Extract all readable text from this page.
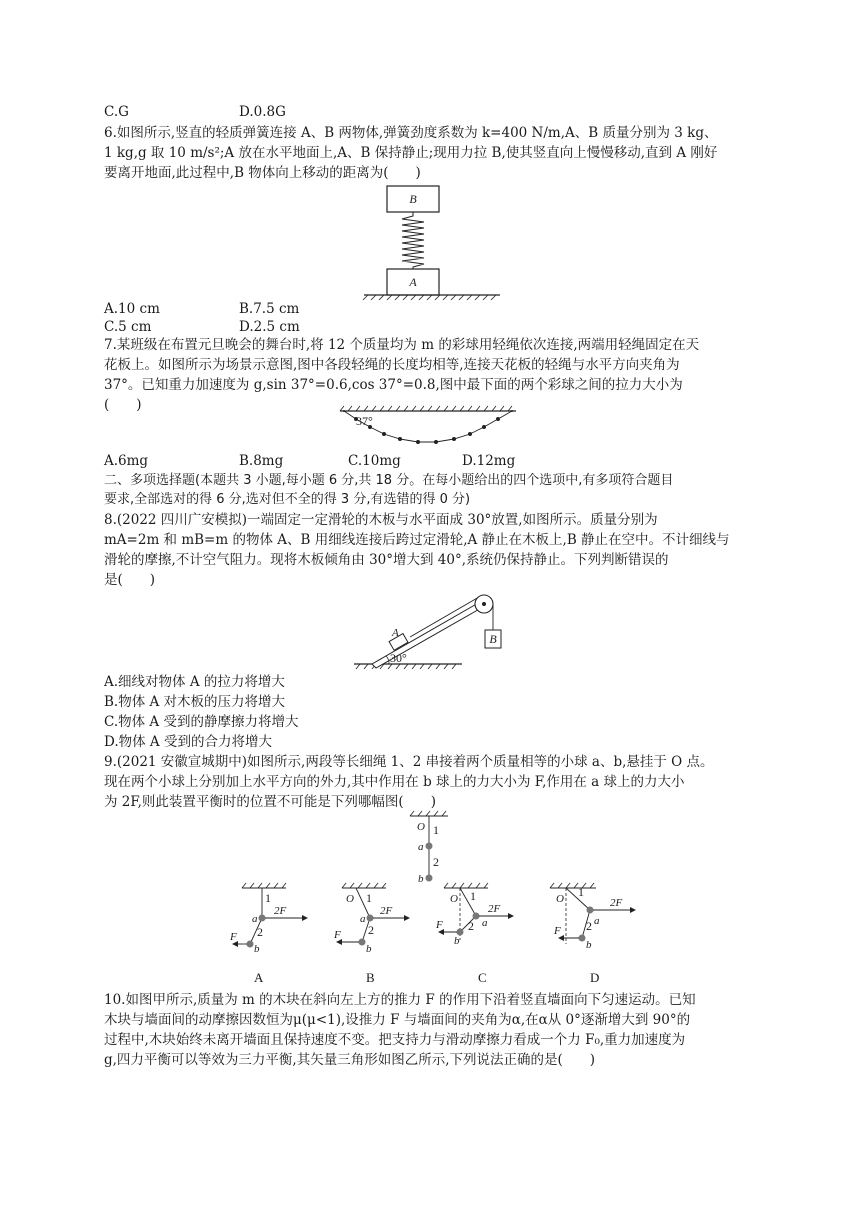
C.G	D.0.8G
6.如图所示,竖直的轻质弹簧连接 A、B 两物体,弹簧劲度系数为 k=400 N/m,A、B 质量分别为 3 kg、
1 kg,g 取 10 m/s²;A 放在水平地面上,A、B 保持静止;现用力拉 B,使其竖直向上慢慢移动,直到 A 刚好
要离开地面,此过程中,B 物体向上移动的距离为(　　)
B
A
A.10 cm	B.7.5 cm
C.5 cm	D.2.5 cm
7.某班级在布置元旦晚会的舞台时,将 12 个质量均为 m 的彩球用轻绳依次连接,两端用轻绳固定在天
花板上。如图所示为场景示意图,图中各段轻绳的长度均相等,连接天花板的轻绳与水平方向夹角为
37°。已知重力加速度为 g,sin 37°=0.6,cos 37°=0.8,图中最下面的两个彩球之间的拉力大小为
(　　)
37°
A.6mg	B.8mg	C.10mg	D.12mg
二、多项选择题(本题共 3 小题,每小题 6 分,共 18 分。在每小题给出的四个选项中,有多项符合题目
要求,全部选对的得 6 分,选对但不全的得 3 分,有选错的得 0 分)
8.(2022 四川广安模拟)一端固定一定滑轮的木板与水平面成 30°放置,如图所示。质量分别为
mA=2m 和 mB=m 的物体 A、B 用细线连接后跨过定滑轮,A 静止在木板上,B 静止在空中。不计细线与
滑轮的摩擦,不计空气阻力。现将木板倾角由 30°增大到 40°,系统仍保持静止。下列判断错误的
是(　　)
A	B
30°
A.细线对物体 A 的拉力将增大
B.物体 A 对木板的压力将增大
C.物体 A 受到的静摩擦力将增大
D.物体 A 受到的合力将增大
9.(2021 安徽宣城期中)如图所示,两段等长细绳 1、2 串接着两个质量相等的小球 a、b,悬挂于 O 点。
现在两个小球上分别加上水平方向的外力,其中作用在 b 球上的力大小为 F,作用在 a 球上的力大小
为 2F,则此装置平衡时的位置不可能是下列哪幅图(　　)
O 1
a
2
b
1
a
2F
2
b
F
A
O 1
a
2F
2
b
F
B
O 1
a
2F
2
b
F
C
O 1
a
2F
2
b
F
D
10.如图甲所示,质量为 m 的木块在斜向左上方的推力 F 的作用下沿着竖直墙面向下匀速运动。已知
木块与墙面间的动摩擦因数恒为μ(μ<1),设推力 F 与墙面间的夹角为α,在α从 0°逐渐增大到 90°的
过程中,木块始终未离开墙面且保持速度不变。把支持力与滑动摩擦力看成一个力 F₀,重力加速度为
g,四力平衡可以等效为三力平衡,其矢量三角形如图乙所示,下列说法正确的是(　　)
